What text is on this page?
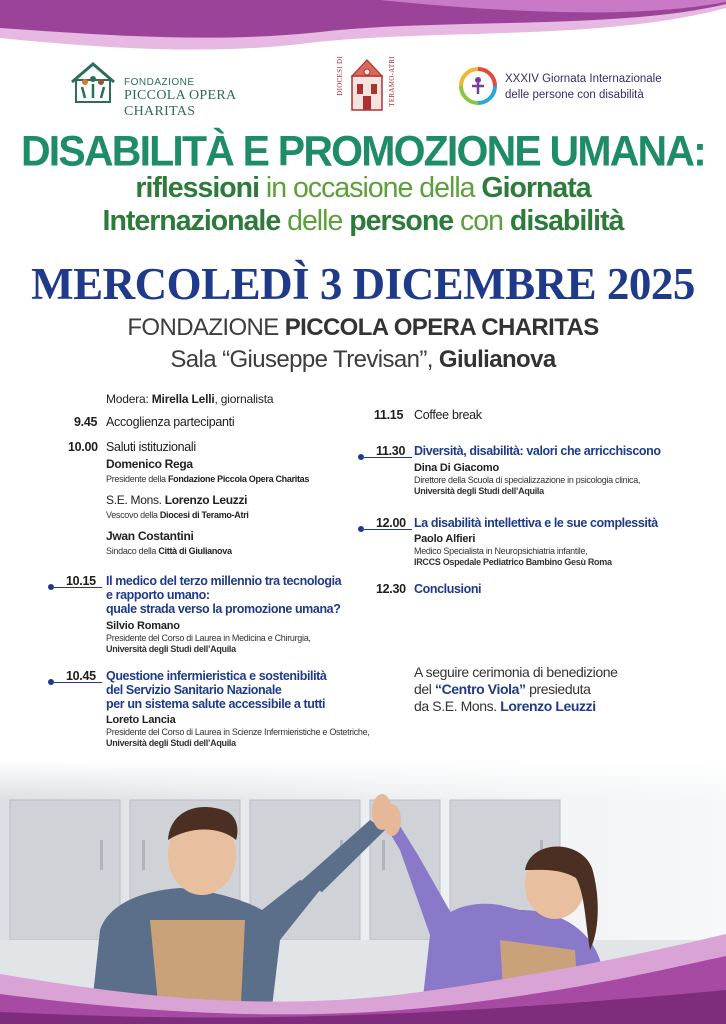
FONDAZIONE
PICCOLA OPERA CHARITAS
DIOCESI DI	TERAMO-ATRI	XXXIV Giornata Internazionale
delle persone con disabilità
DISABILITÀ E PROMOZIONE UMANA:
riflessioni in occasione della Giornata
Internazionale delle persone con disabilità
MERCOLEDÌ 3 DICEMBRE 2025
FONDAZIONE PICCOLA OPERA CHARITAS
Sala “Giuseppe Trevisan”, Giulianova
Modera: Mirella Lelli, giornalista
9.45 Accoglienza partecipanti
10.00 Saluti istituzionali
Domenico Rega
Presidente della Fondazione Piccola Opera Charitas
S.E. Mons. Lorenzo Leuzzi
Vescovo della Diocesi di Teramo-Atri
Jwan Costantini
Sindaco della Città di Giulianova
10.15 Il medico del terzo millennio tra tecnologia
e rapporto umano:
quale strada verso la promozione umana?
Silvio Romano
Presidente del Corso di Laurea in Medicina e Chirurgia,
Università degli Studi dell’Aquila
10.45 Questione infermieristica e sostenibilità
del Servizio Sanitario Nazionale
per un sistema salute accessibile a tutti
Loreto Lancia
Presidente del Corso di Laurea in Scienze Infermieristiche e Ostetriche,
Università degli Studi dell’Aquila
11.15 Coffee break
11.30 Diversità, disabilità: valori che arricchiscono
Dina Di Giacomo
Direttore della Scuola di specializzazione in psicologia clinica,
Università degli Studi dell’Aquila
12.00 La disabilità intellettiva e le sue complessità
Paolo Alfieri
Medico Specialista in Neuropsichiatria infantile,
IRCCS Ospedale Pediatrico Bambino Gesù Roma
12.30 Conclusioni
A seguire cerimonia di benedizione
del “Centro Viola” presieduta
da S.E. Mons. Lorenzo Leuzzi
